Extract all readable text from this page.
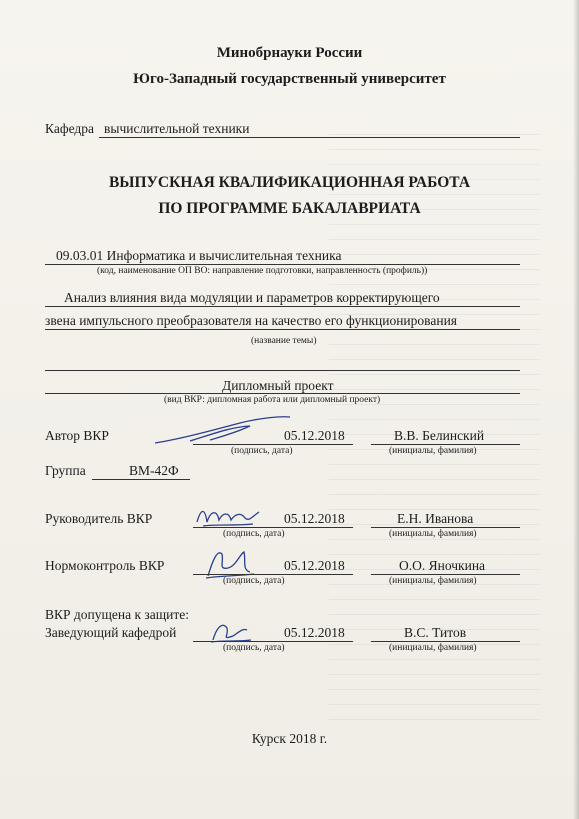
Минобрнауки России
Юго-Западный государственный университет
Кафедра вычислительной техники
ВЫПУСКНАЯ КВАЛИФИКАЦИОННАЯ РАБОТА
ПО ПРОГРАММЕ БАКАЛАВРИАТА
09.03.01 Информатика и вычислительная техника
(код, наименование ОП ВО: направление подготовки, направленность (профиль))
Анализ влияния вида модуляции и параметров корректирующего
звена импульсного преобразователя на качество его функционирования
(название темы)
Дипломный проект
(вид ВКР: дипломная работа или дипломный проект)
Автор ВКР	05.12.2018	В.В. Белинский
(подпись, дата)	(инициалы, фамилия)
Группа	ВМ-42Ф
Руководитель ВКР	05.12.2018	Е.Н. Иванова
(подпись, дата)	(инициалы, фамилия)
Нормоконтроль ВКР	05.12.2018	О.О. Яночкина
(подпись, дата)	(инициалы, фамилия)
ВКР допущена к защите:
Заведующий кафедрой	05.12.2018	В.С. Титов
(подпись, дата)	(инициалы, фамилия)
Курск 2018 г.
